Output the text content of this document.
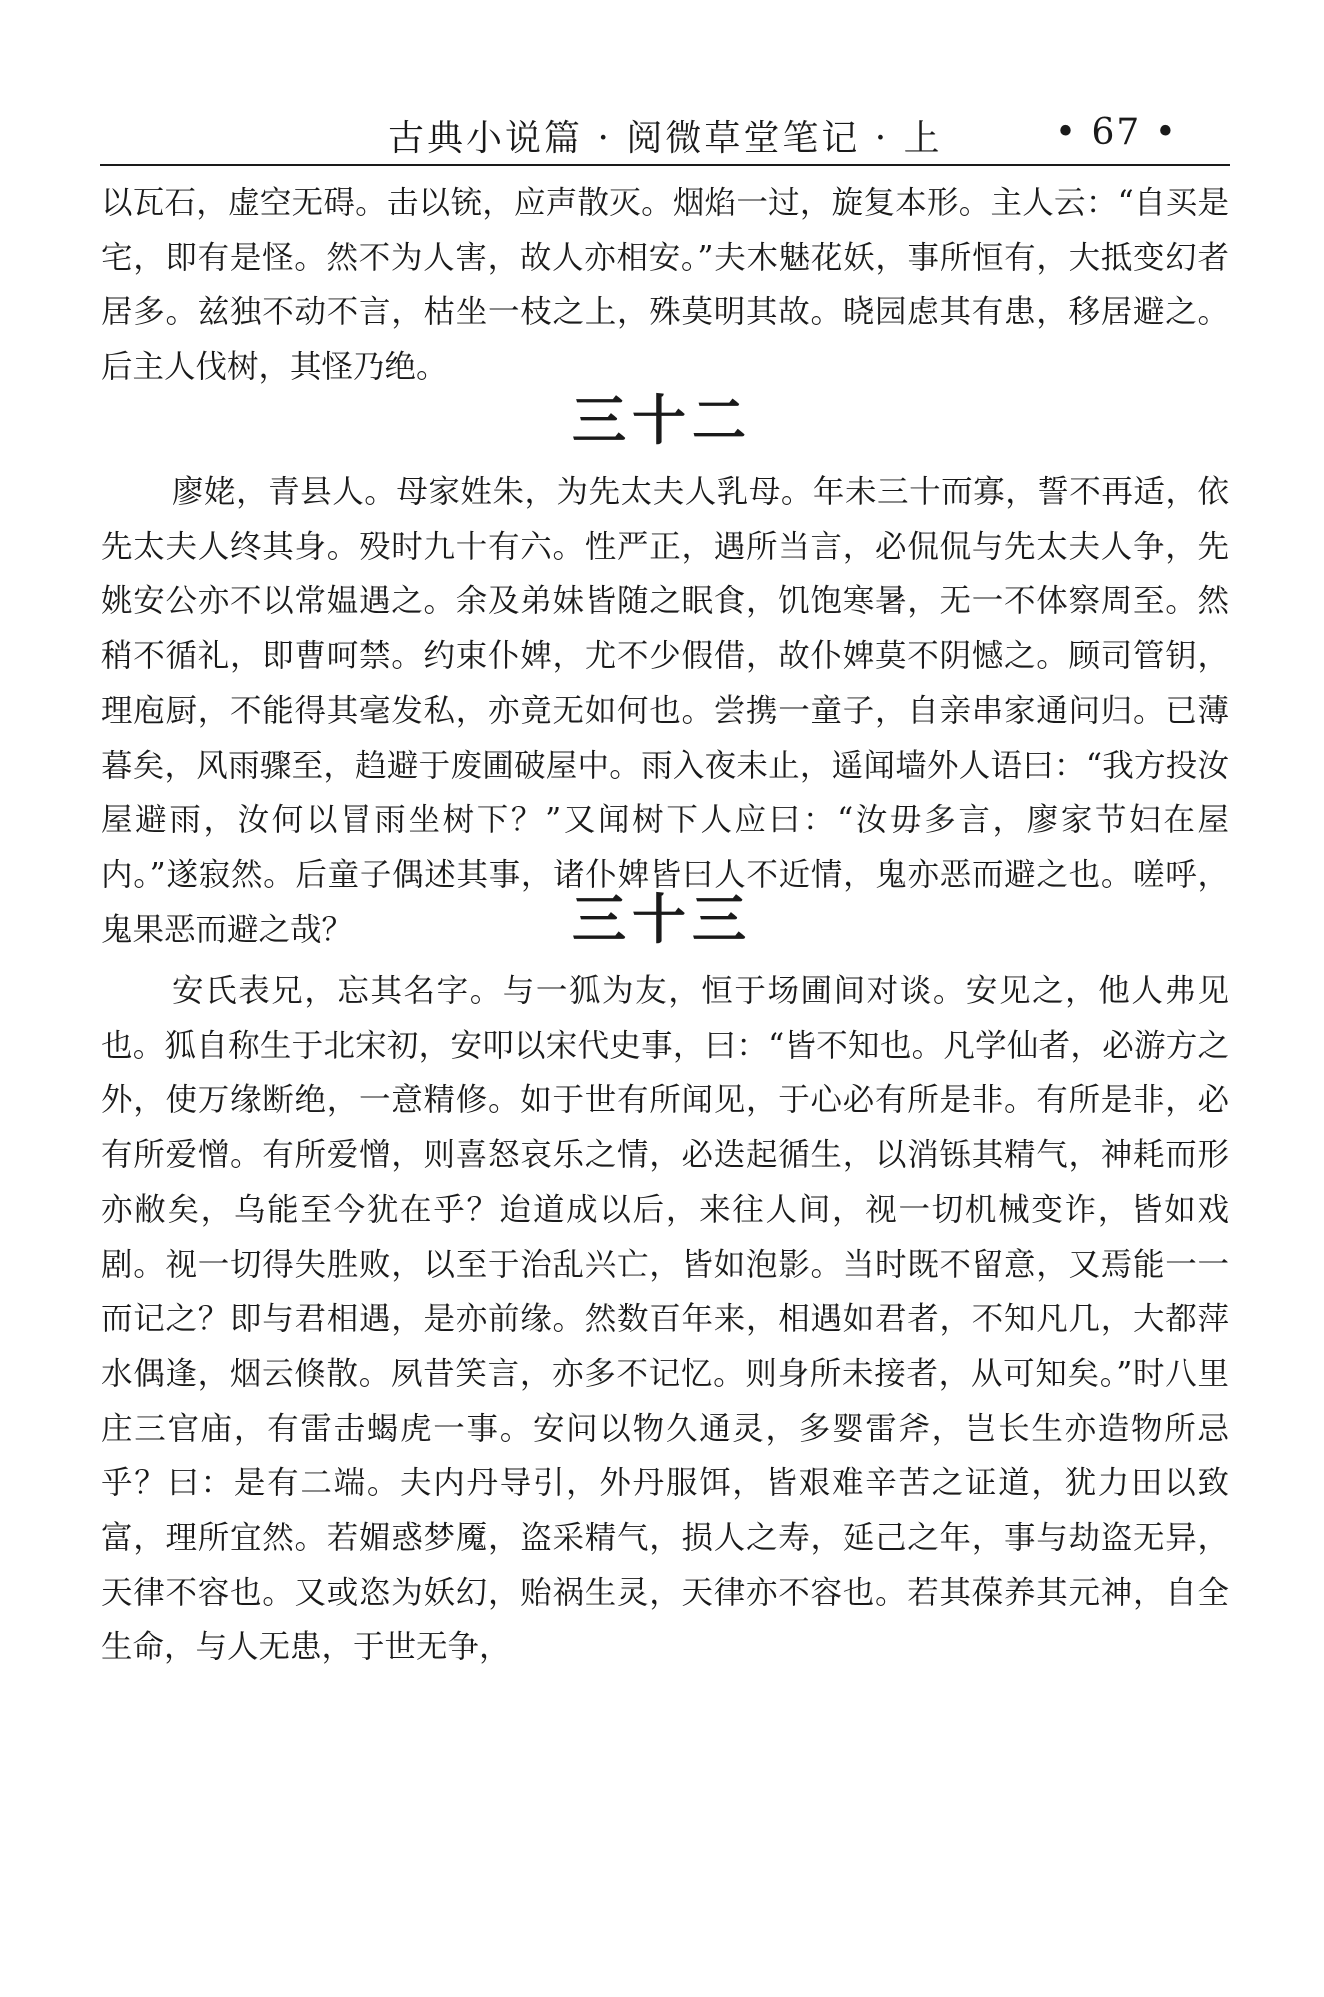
古典小说篇 · 阅微草堂笔记 · 上	• 67 •

以瓦石，虚空无碍。击以铳，应声散灭。烟焰一过，旋复本形。主人云：“自买是宅，即有是怪。然不为人害，故人亦相安。”夫木魅花妖，事所恒有，大抵变幻者居多。兹独不动不言，枯坐一枝之上，殊莫明其故。晓园虑其有患，移居避之。后主人伐树，其怪乃绝。

三十二

廖姥，青县人。母家姓朱，为先太夫人乳母。年未三十而寡，誓不再适，依先太夫人终其身。殁时九十有六。性严正，遇所当言，必侃侃与先太夫人争，先姚安公亦不以常媪遇之。余及弟妹皆随之眠食，饥饱寒暑，无一不体察周至。然稍不循礼，即曹呵禁。约束仆婢，尤不少假借，故仆婢莫不阴憾之。顾司管钥，理庖厨，不能得其毫发私，亦竟无如何也。尝携一童子，自亲串家通问归。已薄暮矣，风雨骤至，趋避于废圃破屋中。雨入夜未止，遥闻墙外人语曰：“我方投汝屋避雨，汝何以冒雨坐树下？”又闻树下人应曰：“汝毋多言，廖家节妇在屋内。”遂寂然。后童子偶述其事，诸仆婢皆曰人不近情，鬼亦恶而避之也。嗟呼，鬼果恶而避之哉？	三十三

安氏表兄，忘其名字。与一狐为友，恒于场圃间对谈。安见之，他人弗见也。狐自称生于北宋初，安叩以宋代史事，曰：“皆不知也。凡学仙者，必游方之外，使万缘断绝，一意精修。如于世有所闻见，于心必有所是非。有所是非，必有所爱憎。有所爱憎，则喜怒哀乐之情，必迭起循生，以消铄其精气，神耗而形亦敝矣，乌能至今犹在乎？迨道成以后，来往人间，视一切机械变诈，皆如戏剧。视一切得失胜败，以至于治乱兴亡，皆如泡影。当时既不留意，又焉能一一而记之？即与君相遇，是亦前缘。然数百年来，相遇如君者，不知凡几，大都萍水偶逢，烟云倏散。夙昔笑言，亦多不记忆。则身所未接者，从可知矣。”时八里庄三官庙，有雷击蝎虎一事。安问以物久通灵，多婴雷斧，岂长生亦造物所忌乎？曰：是有二端。夫内丹导引，外丹服饵，皆艰难辛苦之证道，犹力田以致富，理所宜然。若媚惑梦魇，盗采精气，损人之寿，延己之年，事与劫盗无异，天律不容也。又或恣为妖幻，贻祸生灵，天律亦不容也。若其葆养其元神，自全生命，与人无患，于世无争，
